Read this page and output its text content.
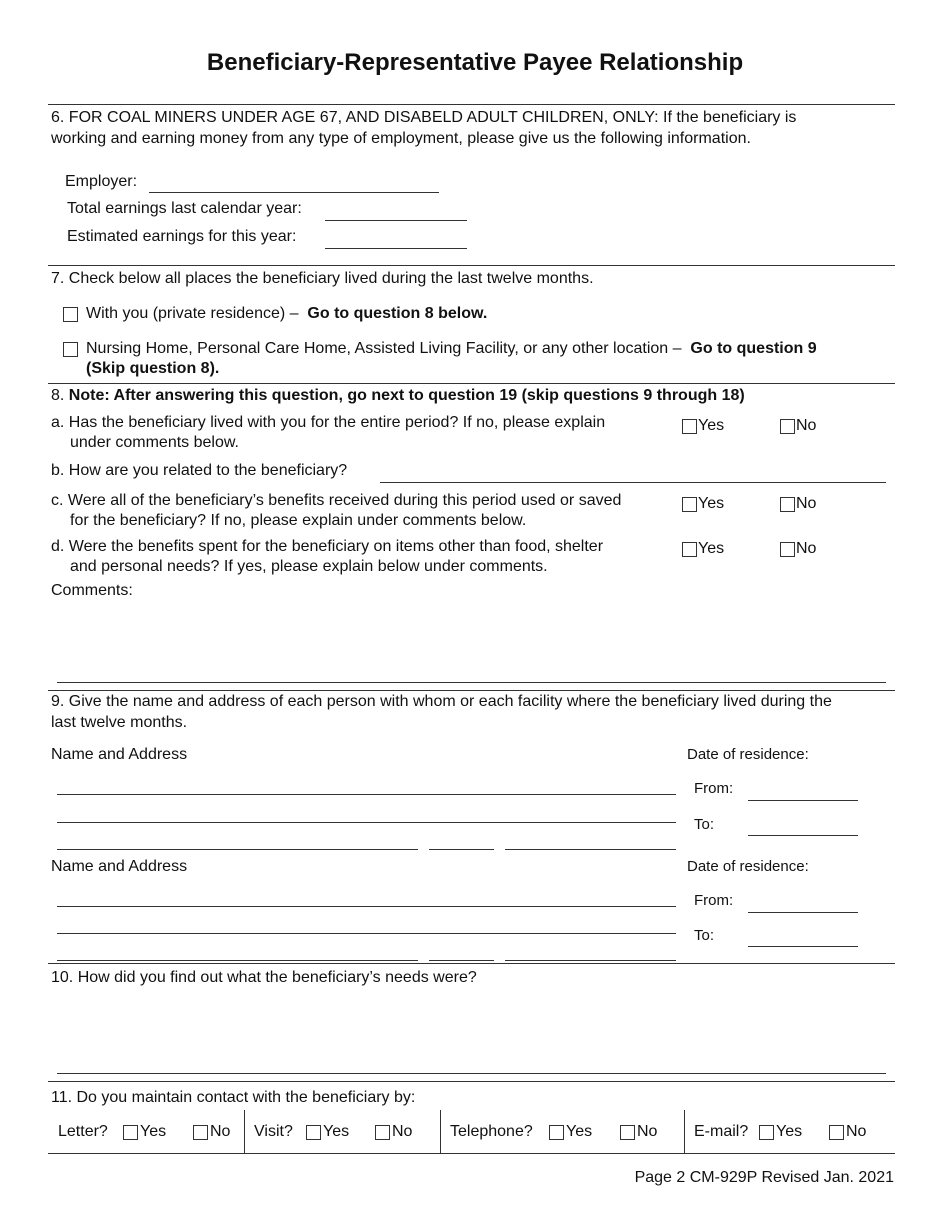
Beneficiary-Representative Payee Relationship
6. FOR COAL MINERS UNDER AGE 67, AND DISABELD ADULT CHILDREN, ONLY: If the beneficiary is
working and earning money from any type of employment, please give us the following information.
Employer:
Total earnings last calendar year:
Estimated earnings for this year:
7. Check below all places the beneficiary lived during the last twelve months.
With you (private residence) – Go to question 8 below.
Nursing Home, Personal Care Home, Assisted Living Facility, or any other location – Go to question 9
(Skip question 8).
8. Note: After answering this question, go next to question 19 (skip questions 9 through 18)
a. Has the beneficiary lived with you for the entire period? If no, please explain
under comments below.
Yes	No
b. How are you related to the beneficiary?
c. Were all of the beneficiary’s benefits received during this period used or saved
for the beneficiary? If no, please explain under comments below.
Yes	No
d. Were the benefits spent for the beneficiary on items other than food, shelter
and personal needs? If yes, please explain below under comments.
Yes	No
Comments:
9. Give the name and address of each person with whom or each facility where the beneficiary lived during the
last twelve months.
Name and Address	Date of residence:
From:
To:
Name and Address	Date of residence:
From:
To:
10. How did you find out what the beneficiary’s needs were?
11. Do you maintain contact with the beneficiary by:
Letter? Yes	No Visit? Yes	No Telephone? Yes	No E-mail? Yes	No
Page 2 CM-929P Revised Jan. 2021
